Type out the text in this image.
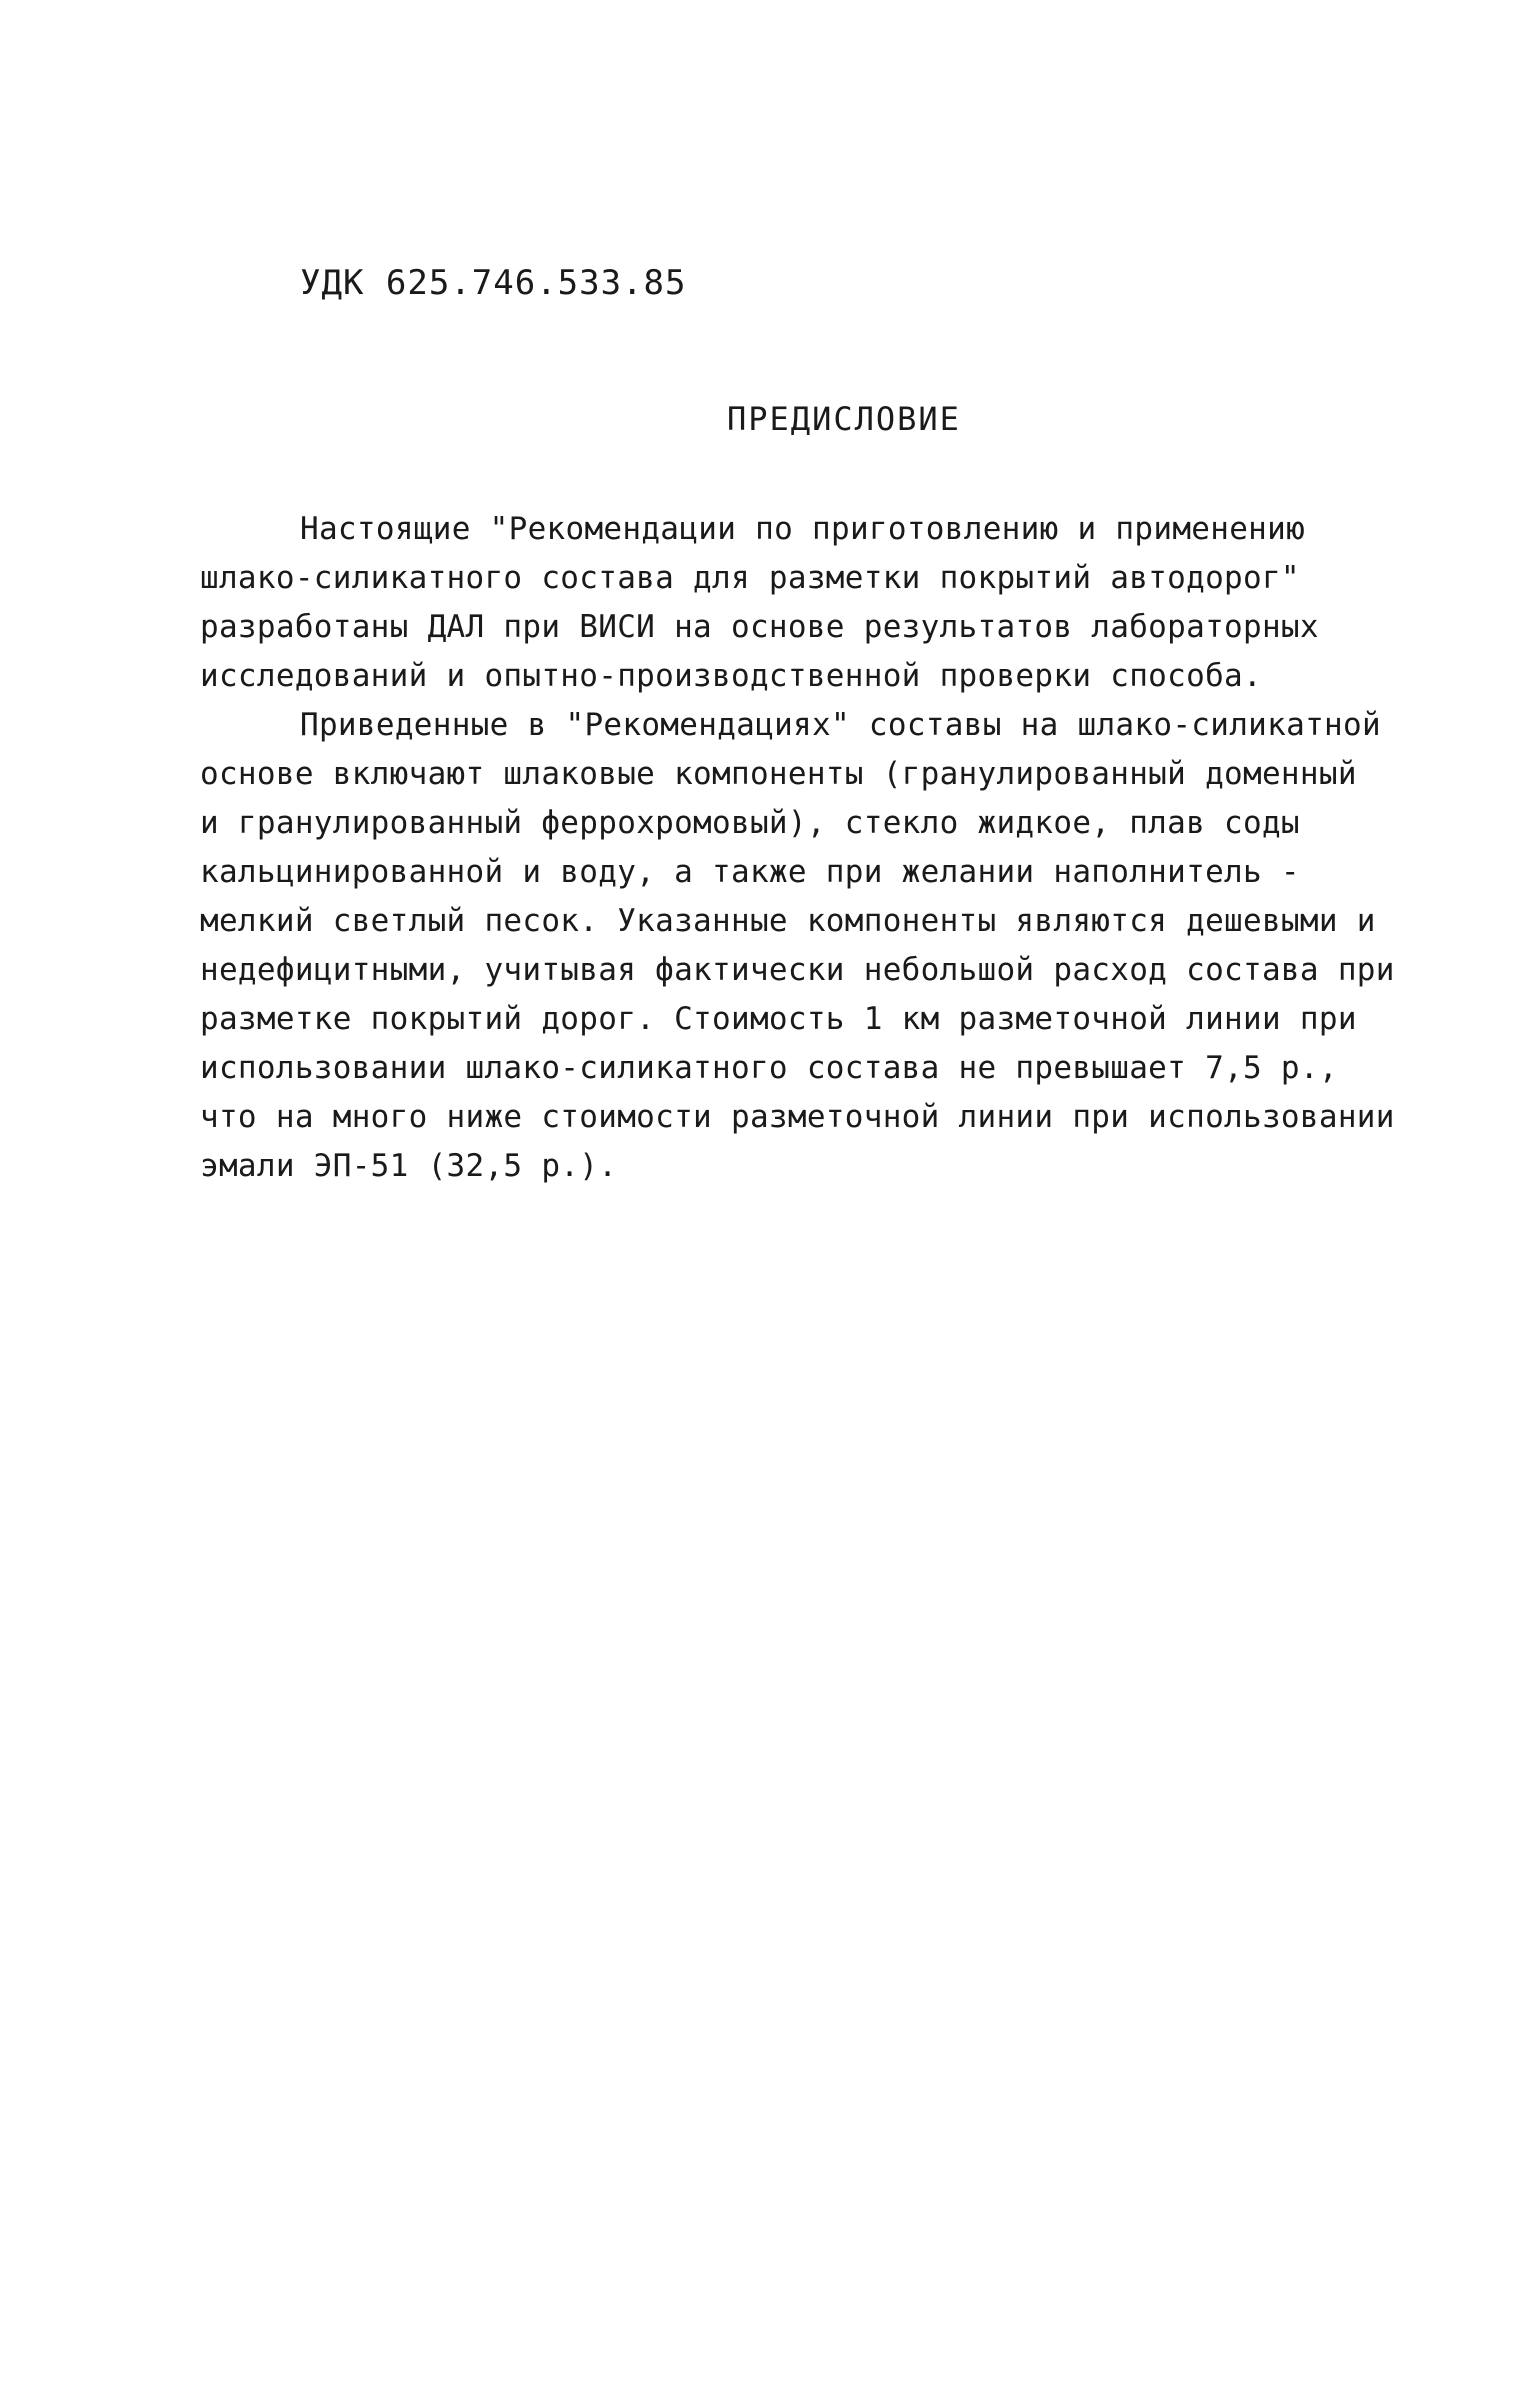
УДК 625.746.533.85
ПРЕДИСЛОВИЕ
Настоящие "Рекомендации по приготовлению и применению
шлако-силикатного состава для разметки покрытий автодорог"
разработаны ДАЛ при ВИСИ на основе результатов лабораторных
исследований и опытно-производственной проверки способа.
Приведенные в "Рекомендациях" составы на шлако-силикатной
основе включают шлаковые компоненты (гранулированный доменный
и гранулированный феррохромовый), стекло жидкое, плав соды
кальцинированной и воду, а также при желании наполнитель -
мелкий светлый песок. Указанные компоненты являются дешевыми и
недефицитными, учитывая фактически небольшой расход состава при
разметке покрытий дорог. Стоимость 1 км разметочной линии при
использовании шлако-силикатного состава не превышает 7,5 р.,
что на много ниже стоимости разметочной линии при использовании
эмали ЭП-51 (32,5 р.).
